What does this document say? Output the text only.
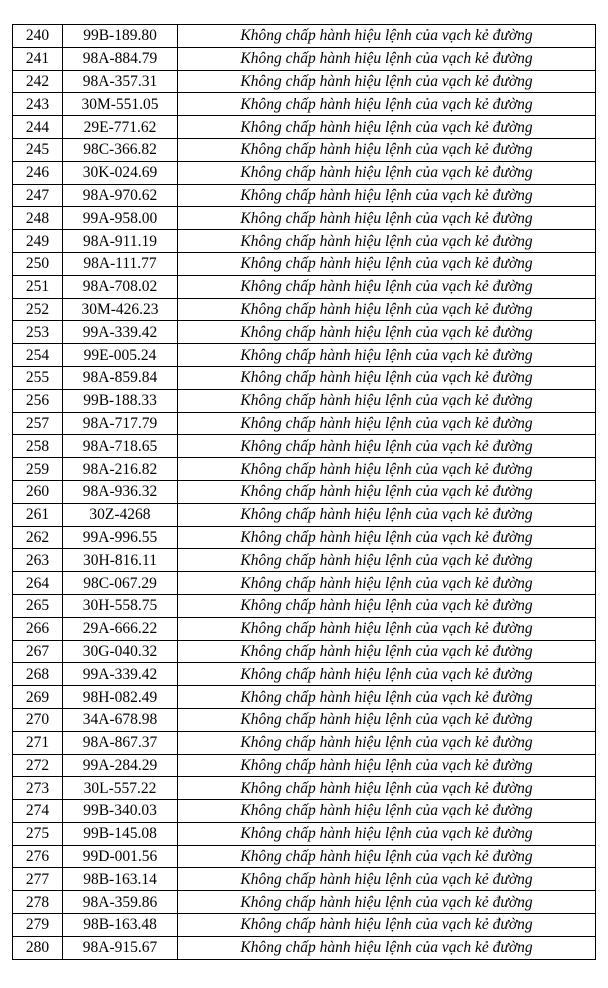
240	99B-189.80	Không chấp hành hiệu lệnh của vạch kẻ đường
241	98A-884.79	Không chấp hành hiệu lệnh của vạch kẻ đường
242	98A-357.31	Không chấp hành hiệu lệnh của vạch kẻ đường
243	30M-551.05	Không chấp hành hiệu lệnh của vạch kẻ đường
244	29E-771.62	Không chấp hành hiệu lệnh của vạch kẻ đường
245	98C-366.82	Không chấp hành hiệu lệnh của vạch kẻ đường
246	30K-024.69	Không chấp hành hiệu lệnh của vạch kẻ đường
247	98A-970.62	Không chấp hành hiệu lệnh của vạch kẻ đường
248	99A-958.00	Không chấp hành hiệu lệnh của vạch kẻ đường
249	98A-911.19	Không chấp hành hiệu lệnh của vạch kẻ đường
250	98A-111.77	Không chấp hành hiệu lệnh của vạch kẻ đường
251	98A-708.02	Không chấp hành hiệu lệnh của vạch kẻ đường
252	30M-426.23	Không chấp hành hiệu lệnh của vạch kẻ đường
253	99A-339.42	Không chấp hành hiệu lệnh của vạch kẻ đường
254	99E-005.24	Không chấp hành hiệu lệnh của vạch kẻ đường
255	98A-859.84	Không chấp hành hiệu lệnh của vạch kẻ đường
256	99B-188.33	Không chấp hành hiệu lệnh của vạch kẻ đường
257	98A-717.79	Không chấp hành hiệu lệnh của vạch kẻ đường
258	98A-718.65	Không chấp hành hiệu lệnh của vạch kẻ đường
259	98A-216.82	Không chấp hành hiệu lệnh của vạch kẻ đường
260	98A-936.32	Không chấp hành hiệu lệnh của vạch kẻ đường
261	30Z-4268	Không chấp hành hiệu lệnh của vạch kẻ đường
262	99A-996.55	Không chấp hành hiệu lệnh của vạch kẻ đường
263	30H-816.11	Không chấp hành hiệu lệnh của vạch kẻ đường
264	98C-067.29	Không chấp hành hiệu lệnh của vạch kẻ đường
265	30H-558.75	Không chấp hành hiệu lệnh của vạch kẻ đường
266	29A-666.22	Không chấp hành hiệu lệnh của vạch kẻ đường
267	30G-040.32	Không chấp hành hiệu lệnh của vạch kẻ đường
268	99A-339.42	Không chấp hành hiệu lệnh của vạch kẻ đường
269	98H-082.49	Không chấp hành hiệu lệnh của vạch kẻ đường
270	34A-678.98	Không chấp hành hiệu lệnh của vạch kẻ đường
271	98A-867.37	Không chấp hành hiệu lệnh của vạch kẻ đường
272	99A-284.29	Không chấp hành hiệu lệnh của vạch kẻ đường
273	30L-557.22	Không chấp hành hiệu lệnh của vạch kẻ đường
274	99B-340.03	Không chấp hành hiệu lệnh của vạch kẻ đường
275	99B-145.08	Không chấp hành hiệu lệnh của vạch kẻ đường
276	99D-001.56	Không chấp hành hiệu lệnh của vạch kẻ đường
277	98B-163.14	Không chấp hành hiệu lệnh của vạch kẻ đường
278	98A-359.86	Không chấp hành hiệu lệnh của vạch kẻ đường
279	98B-163.48	Không chấp hành hiệu lệnh của vạch kẻ đường
280	98A-915.67	Không chấp hành hiệu lệnh của vạch kẻ đường
